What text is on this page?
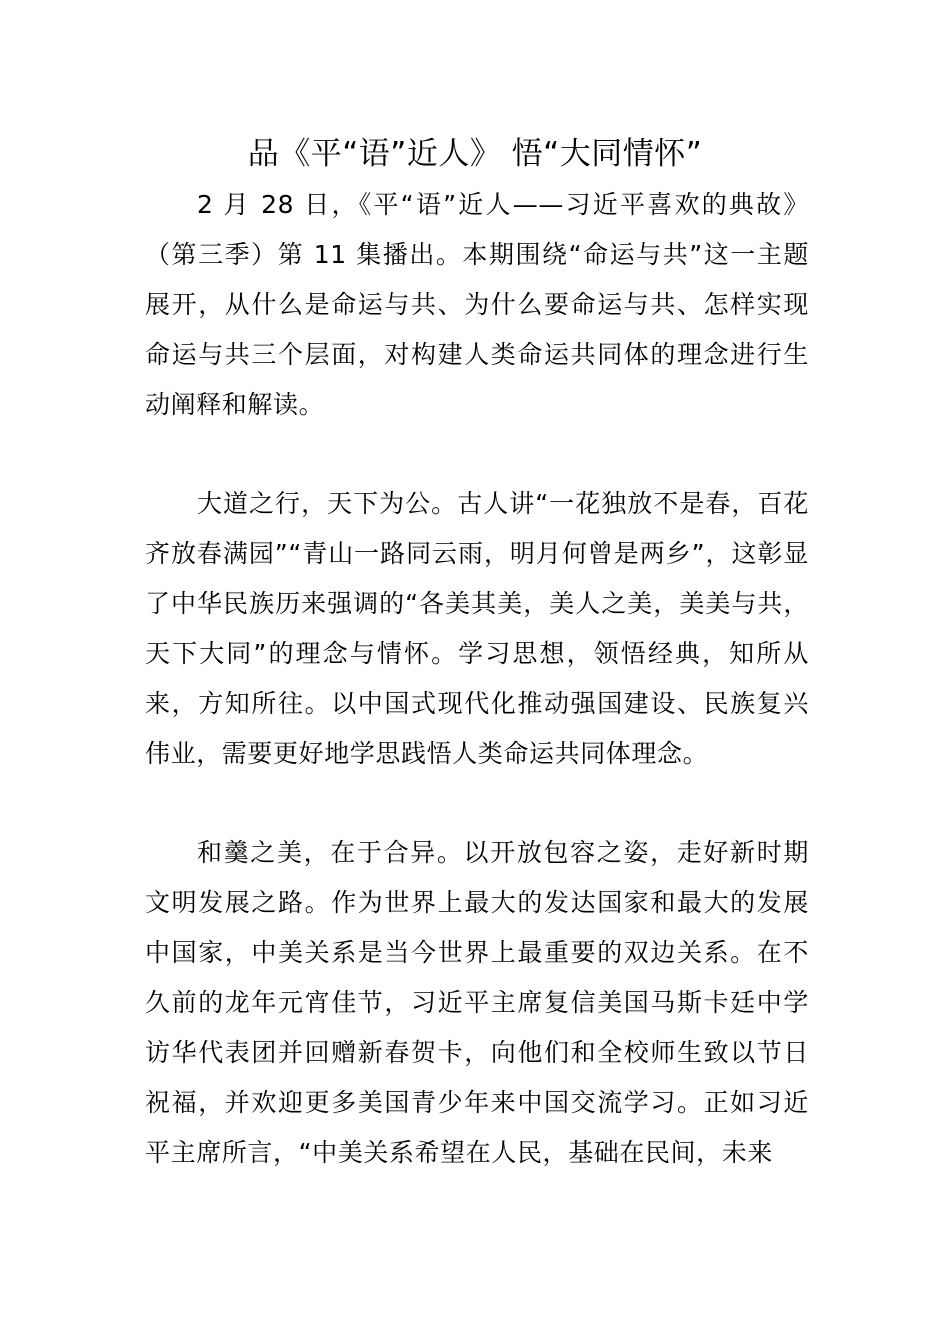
品《平“语”近人》 悟“大同情怀”

2 月 28 日，《平“语”近人——习近平喜欢的典故》（第三季）第 11 集播出。本期围绕“命运与共”这一主题展开，从什么是命运与共、为什么要命运与共、怎样实现命运与共三个层面，对构建人类命运共同体的理念进行生动阐释和解读。

大道之行，天下为公。古人讲“一花独放不是春，百花齐放春满园”“青山一路同云雨，明月何曾是两乡”，这彰显了中华民族历来强调的“各美其美，美人之美，美美与共，天下大同”的理念与情怀。学习思想，领悟经典，知所从来，方知所往。以中国式现代化推动强国建设、民族复兴伟业，需要更好地学思践悟人类命运共同体理念。

和羹之美，在于合异。以开放包容之姿，走好新时期文明发展之路。作为世界上最大的发达国家和最大的发展中国家，中美关系是当今世界上最重要的双边关系。在不久前的龙年元宵佳节，习近平主席复信美国马斯卡廷中学访华代表团并回赠新春贺卡，向他们和全校师生致以节日祝福，并欢迎更多美国青少年来中国交流学习。正如习近平主席所言，“中美关系希望在人民，基础在民间，未来
